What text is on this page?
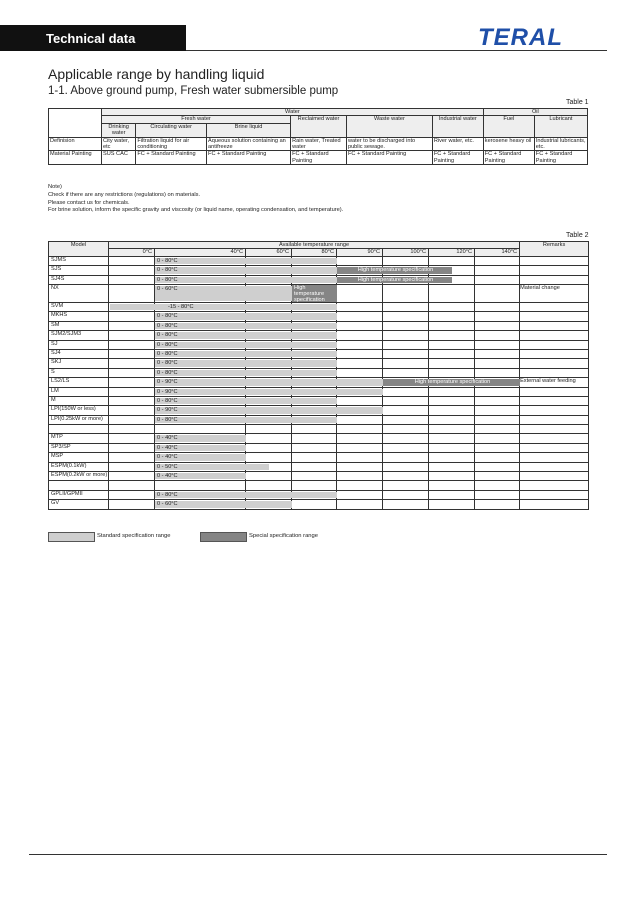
Technical data	TERAL
Applicable range by handling liquid
1-1. Above ground pump, Fresh water submersible pump
Table 1
	Water						Oil	
	Fresh water			Reclaimed water	Waste water	Industrial water	Fuel	Lubricant
	Drinking water	Circulating water	Brine liquid					
Definision	City water, etc	Filtration liquid for air conditioning	Aqueous solution containing an antifreeze	Rain water, Treated water	water to be discharged into public sewage.	River water, etc.	kerosene heavy oil	Industrial lubricants, etc.
Material Painting	SUS CAC	FC + Standard Painting	FC + Standard Painting	FC + Standard Painting	FC + Standard Painting	FC + Standard Painting	FC + Standard Painting	FC + Standard Painting
Note)
Check if there are any restrictions (regulations) on materials.
Please contact us for chemicals.
For brine solution, inform the specific gravity and viscosity (or liquid name, operating condensation, and temperature).
Table 2
Model	Available temperature range								Remarks
	0°C	40°C	60°C	80°C	90°C	100°C	120°C	140°C	
SJMS	0 - 80°C								

SJS	0 - 80°C High temperature specification								

SJ4S	0 - 80°C High temperature specification								

NX	0 - 60°C High temperature specification								Material change
SVM	-15 - 80°C								

MKHS	0 - 80°C								

SM	0 - 80°C								

SJM2/SJM3	0 - 80°C								

SJ	0 - 80°C								

SJ4	0 - 80°C								

SKJ	0 - 80°C								

S	0 - 80°C								

LS2/LS	0 - 90°C High temperature specification								External water feeding
LM	0 - 90°C								

M	0 - 80°C								

LPI(150W or less)	0 - 90°C								

LPI(0.25kW or more)	0 - 80°C								

MTP	0 - 40°C								

SP3/SP	0 - 40°C								

MSP	0 - 40°C								

ESPM(0.1kW)	0 - 50°C								

ESPM(0.2kW or more)	0 - 40°C								

GPLII/GPMII	0 - 80°C								

GV	0 - 60°C								

Standard specification range	Special specification range
